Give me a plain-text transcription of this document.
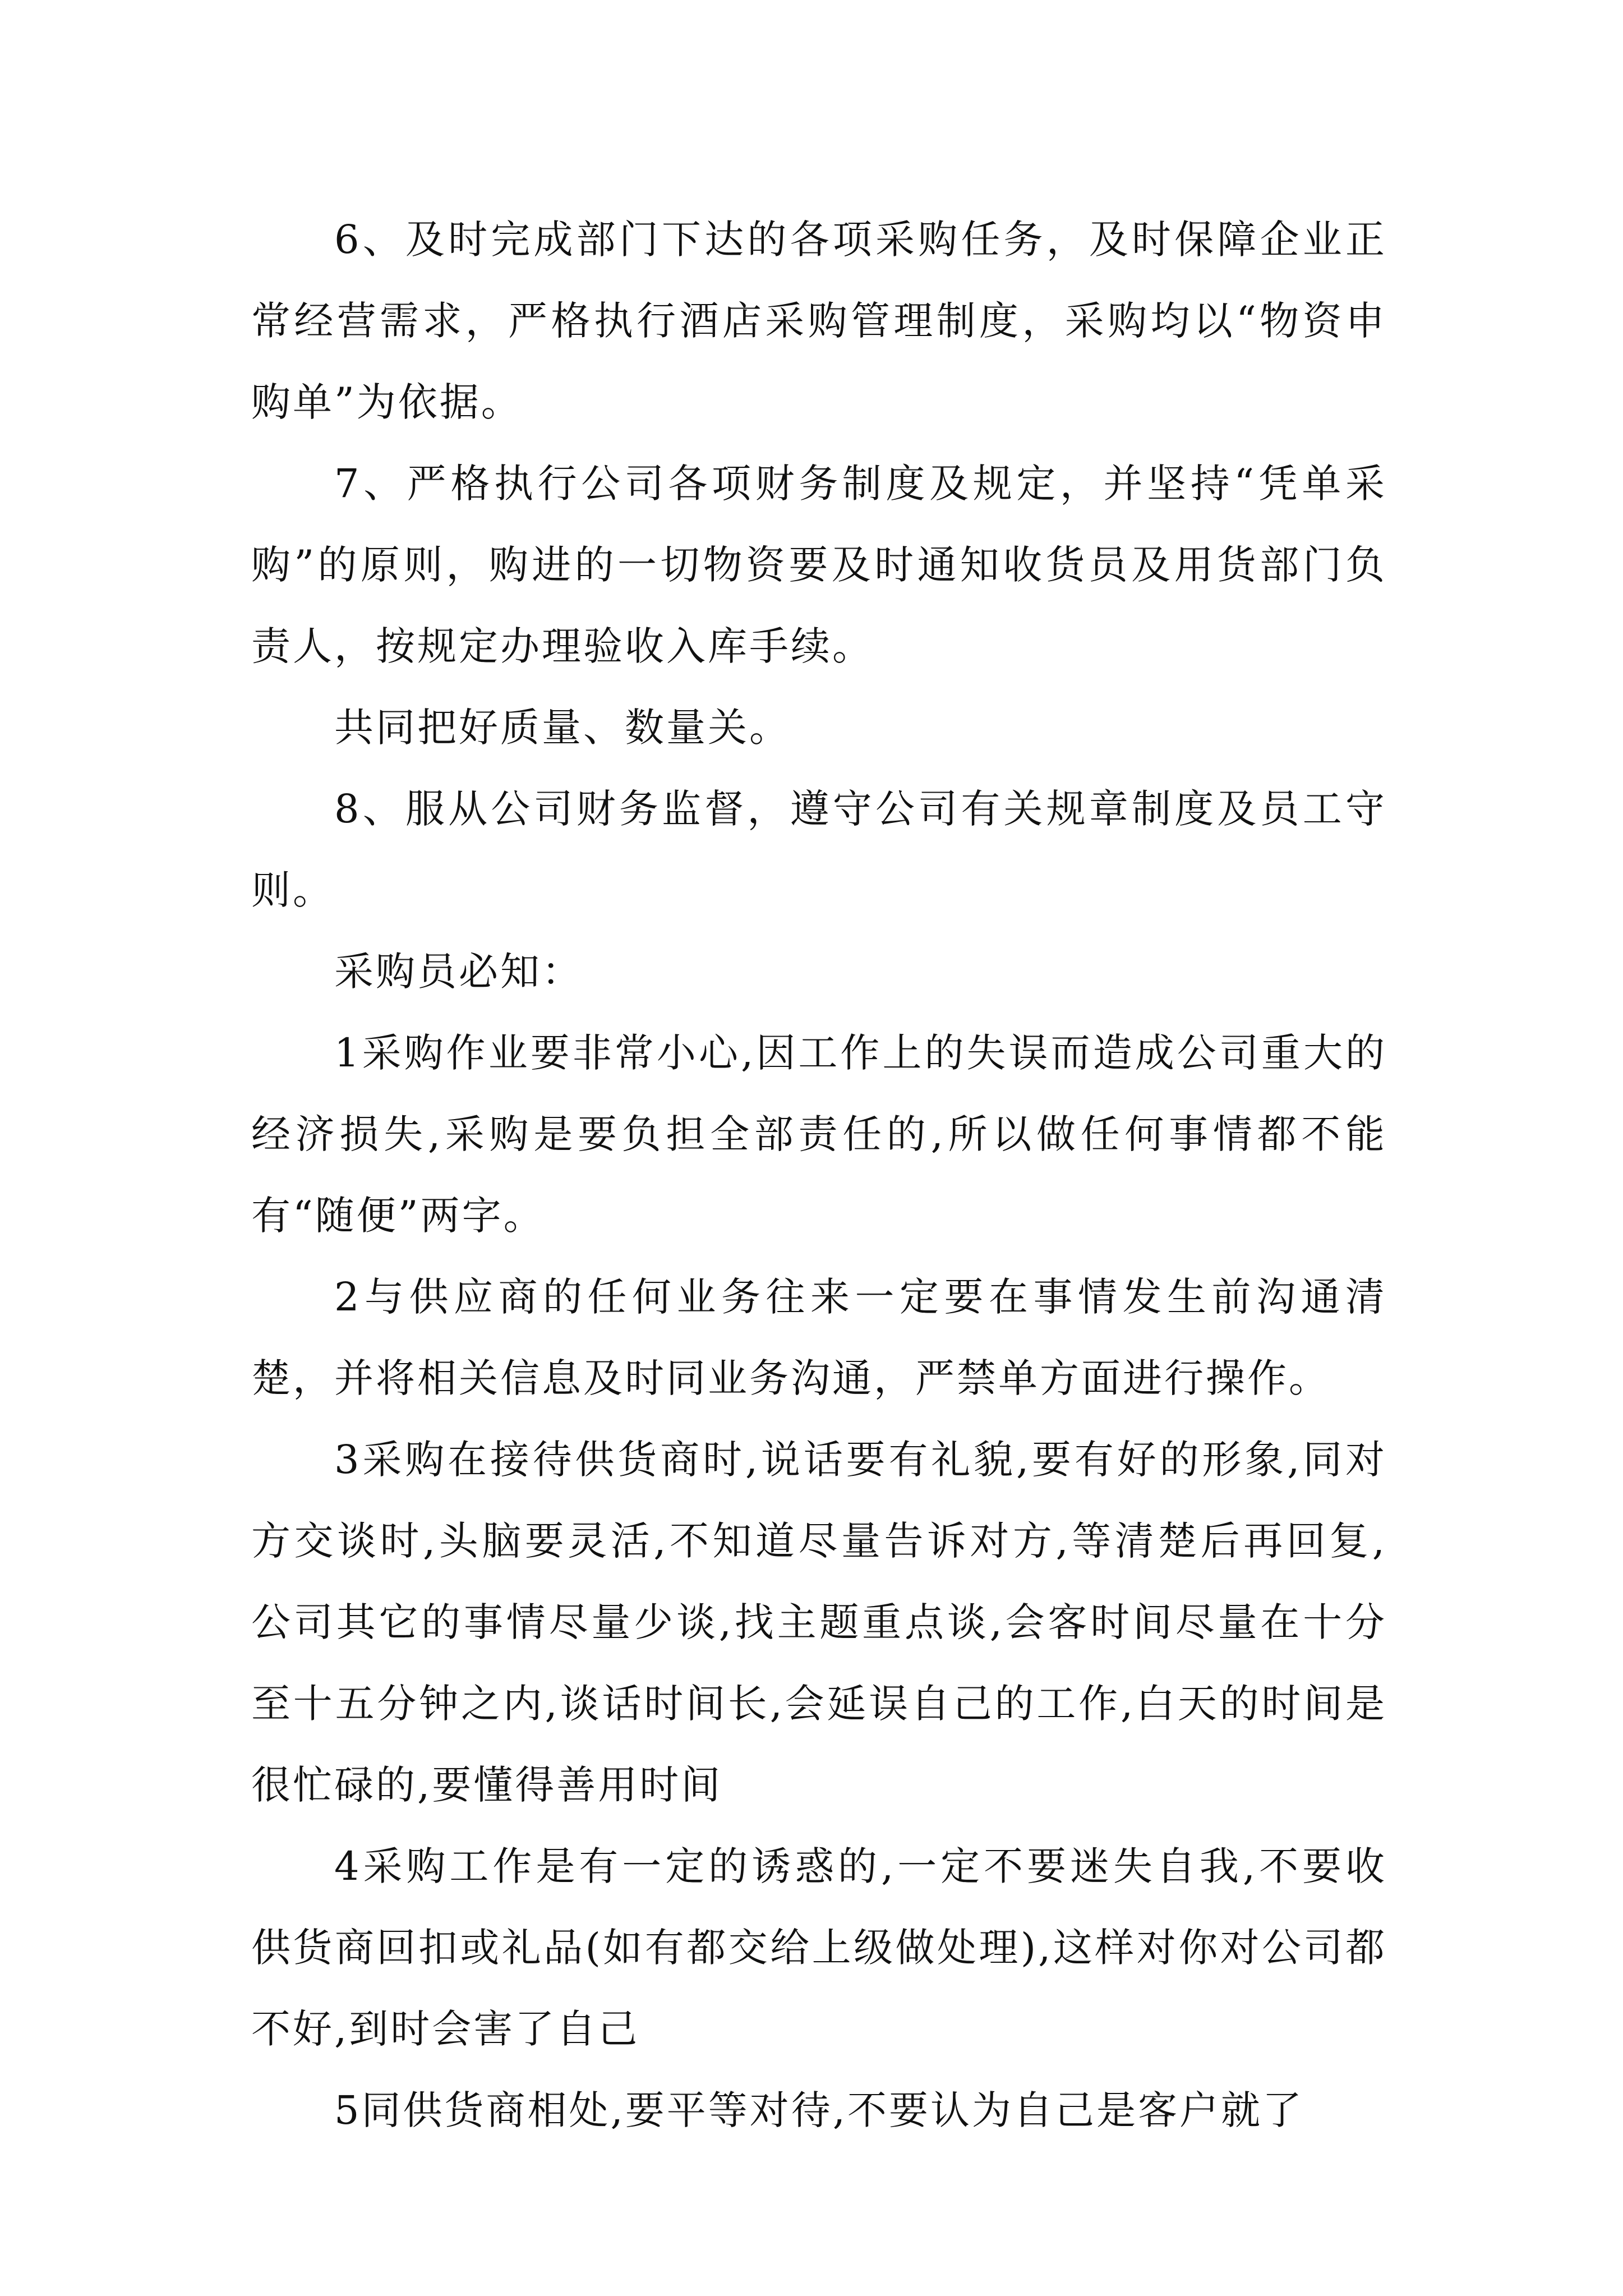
6、及时完成部门下达的各项采购任务，及时保障企业正常经营需求，严格执行酒店采购管理制度，采购均以“物资申购单”为依据。

7、严格执行公司各项财务制度及规定，并坚持“凭单采购”的原则，购进的一切物资要及时通知收货员及用货部门负责人，按规定办理验收入库手续。

共同把好质量、数量关。

8、服从公司财务监督，遵守公司有关规章制度及员工守则。

采购员必知：

1采购作业要非常小心,因工作上的失误而造成公司重大的经济损失,采购是要负担全部责任的,所以做任何事情都不能有“随便”两字。

2与供应商的任何业务往来一定要在事情发生前沟通清楚，并将相关信息及时同业务沟通，严禁单方面进行操作。

3采购在接待供货商时,说话要有礼貌,要有好的形象,同对方交谈时,头脑要灵活,不知道尽量告诉对方,等清楚后再回复,公司其它的事情尽量少谈,找主题重点谈,会客时间尽量在十分至十五分钟之内,谈话时间长,会延误自己的工作,白天的时间是很忙碌的,要懂得善用时间

4采购工作是有一定的诱惑的,一定不要迷失自我,不要收供货商回扣或礼品(如有都交给上级做处理),这样对你对公司都不好,到时会害了自己

5同供货商相处,要平等对待,不要认为自己是客户就了
